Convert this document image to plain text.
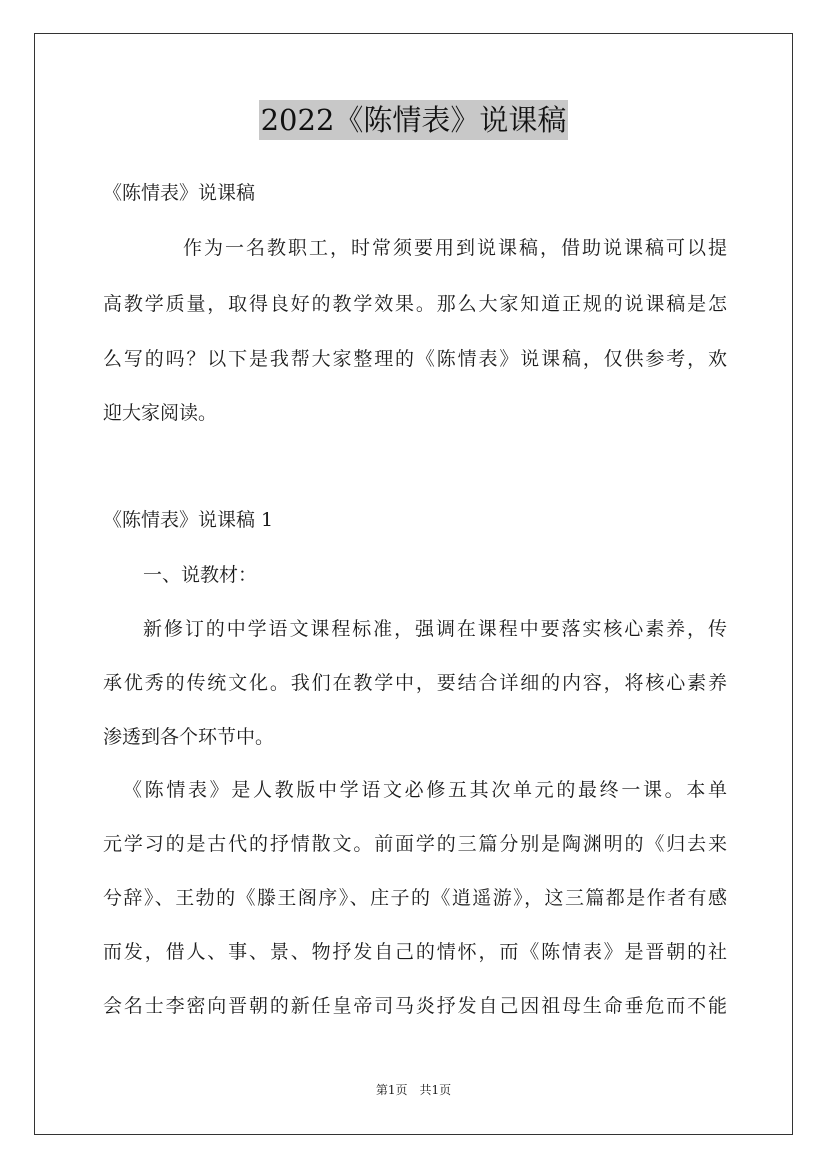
2022《陈情表》说课稿
《陈情表》说课稿
作为一名教职工，时常须要用到说课稿，借助说课稿可以提
高教学质量，取得良好的教学效果。那么大家知道正规的说课稿是怎
么写的吗？以下是我帮大家整理的《陈情表》说课稿，仅供参考，欢
迎大家阅读。
《陈情表》说课稿 1
一、说教材：
新修订的中学语文课程标准，强调在课程中要落实核心素养，传
承优秀的传统文化。我们在教学中，要结合详细的内容，将核心素养
渗透到各个环节中。
《陈情表》是人教版中学语文必修五其次单元的最终一课。本单
元学习的是古代的抒情散文。前面学的三篇分别是陶渊明的《归去来
兮辞》、王勃的《滕王阁序》、庄子的《逍遥游》，这三篇都是作者有感
而发，借人、事、景、物抒发自己的情怀，而《陈情表》是晋朝的社
会名士李密向晋朝的新任皇帝司马炎抒发自己因祖母生命垂危而不能
第1页　共1页
